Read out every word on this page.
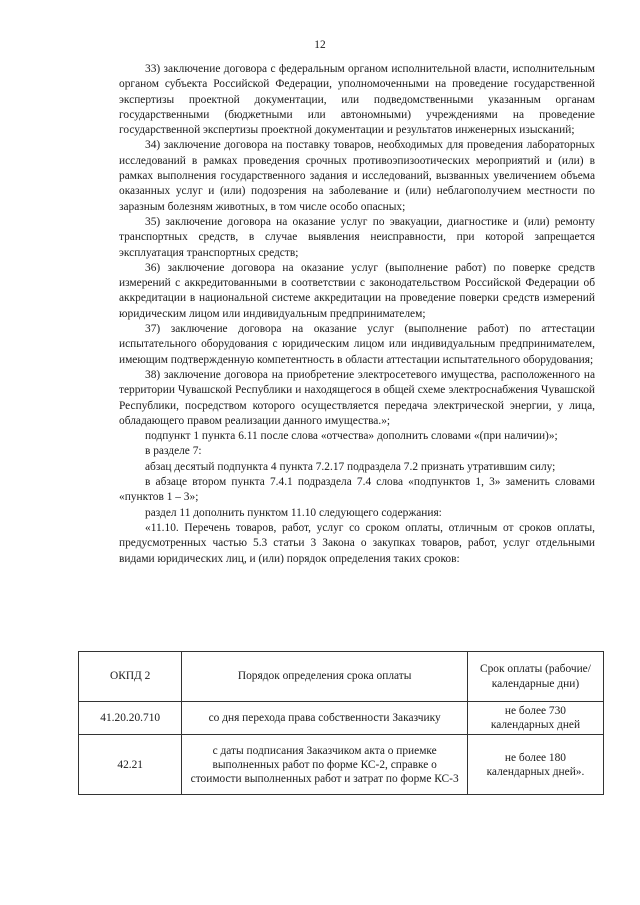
12

33) заключение договора с федеральным органом исполнительной власти, исполнительным органом субъекта Российской Федерации, уполномоченными на проведение государственной экспертизы проектной документации, или подведомственными указанным органам государственными (бюджетными или автономными) учреждениями на проведение государственной экспертизы проектной документации и результатов инженерных изысканий;

34) заключение договора на поставку товаров, необходимых для проведения лабораторных исследований в рамках проведения срочных противоэпизоотических мероприятий и (или) в рамках выполнения государственного задания и исследований, вызванных увеличением объема оказанных услуг и (или) подозрения на заболевание и (или) неблагополучием местности по заразным болезням животных, в том числе особо опасных;

35) заключение договора на оказание услуг по эвакуации, диагностике и (или) ремонту транспортных средств, в случае выявления неисправности, при которой запрещается эксплуатация транспортных средств;

36) заключение договора на оказание услуг (выполнение работ) по поверке средств измерений с аккредитованными в соответствии с законодательством Российской Федерации об аккредитации в национальной системе аккредитации на проведение поверки средств измерений юридическим лицом или индивидуальным предпринимателем;

37) заключение договора на оказание услуг (выполнение работ) по аттестации испытательного оборудования с юридическим лицом или индивидуальным предпринимателем, имеющим подтвержденную компетентность в области аттестации испытательного оборудования;

38) заключение договора на приобретение электросетевого имущества, расположенного на территории Чувашской Республики и находящегося в общей схеме электроснабжения Чувашской Республики, посредством которого осуществляется передача электрической энергии, у лица, обладающего правом реализации данного имущества.»;

подпункт 1 пункта 6.11 после слова «отчества» дополнить словами «(при наличии)»;

в разделе 7:

абзац десятый подпункта 4 пункта 7.2.17 подраздела 7.2 признать утратившим силу;

в абзаце втором пункта 7.4.1 подраздела 7.4 слова «подпунктов 1, 3» заменить словами «пунктов 1 – 3»;

раздел 11 дополнить пунктом 11.10 следующего содержания:

«11.10. Перечень товаров, работ, услуг со сроком оплаты, отличным от сроков оплаты, предусмотренных частью 5.3 статьи 3 Закона о закупках товаров, работ, услуг отдельными видами юридических лиц, и (или) порядок определения таких сроков:

ОКПД 2	Порядок определения срока оплаты	Срок оплаты (рабочие/ календарные дни)
41.20.20.710	со дня перехода права собственности Заказчику	не более 730 календарных дней
42.21	с даты подписания Заказчиком акта о приемке выполненных работ по форме КС-2, справке о стоимости выполненных работ и затрат по форме КС-3	не более 180 календарных дней».
